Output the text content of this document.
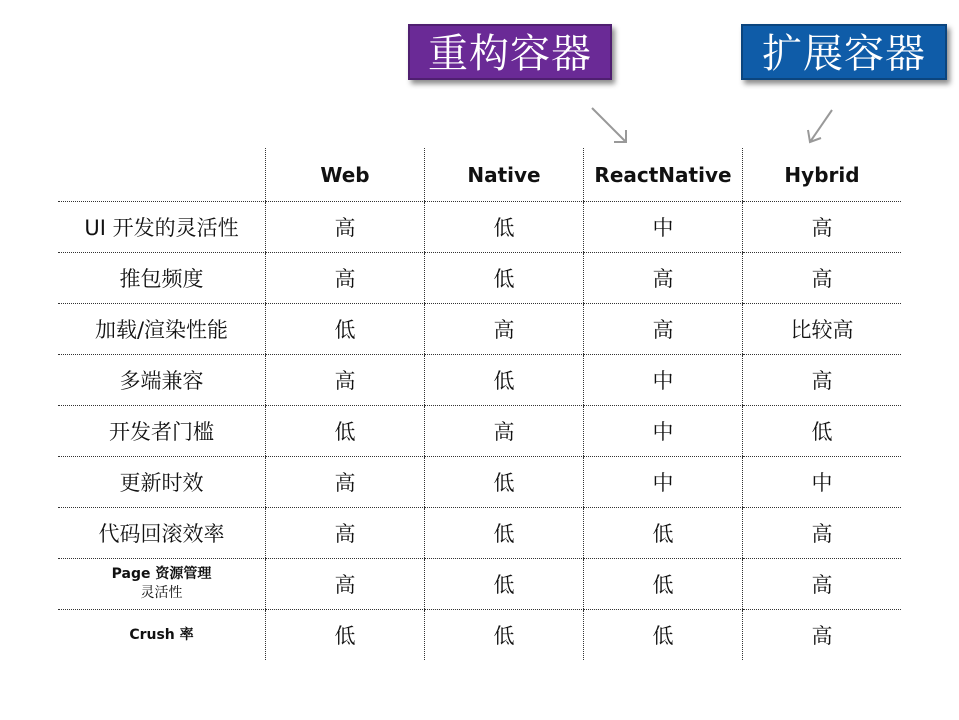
重构容器	扩展容器
	Web	Native	ReactNative	Hybrid
UI 开发的灵活性	高	低	中	高
推包频度	高	低	高	高
加载/渲染性能	低	高	高	比较高
多端兼容	高	低	中	高
开发者门槛	低	高	中	低
更新时效	高	低	中	中
代码回滚效率	高	低	低	高

Page 资源管理
灵活性	高	低	低	高
Crush 率	低	低	低	高
